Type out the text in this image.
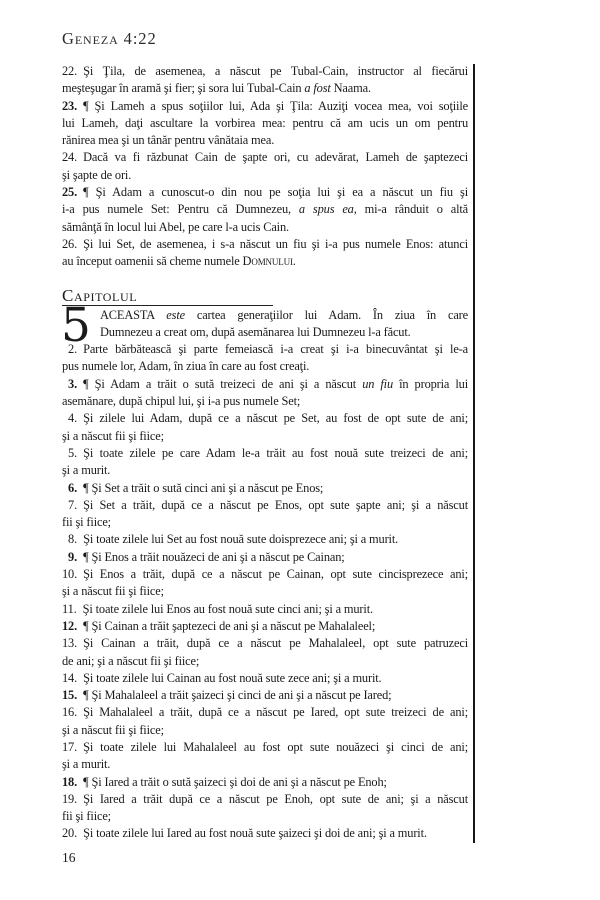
Geneza 4:22
22. Şi Ţila, de asemenea, a născut pe Tubal-Cain, instructor al fiecărui
meşteşugar în aramă şi fier; şi sora lui Tubal-Cain a fost Naama.
23. ¶ Şi Lameh a spus soţiilor lui, Ada şi Ţila: Auziţi vocea mea, voi soţiile
lui Lameh, daţi ascultare la vorbirea mea: pentru că am ucis un om pentru
rănirea mea şi un tânăr pentru vânătaia mea.
24. Dacă va fi răzbunat Cain de şapte ori, cu adevărat, Lameh de şaptezeci
şi şapte de ori.
25. ¶ Şi Adam a cunoscut-o din nou pe soţia lui şi ea a născut un fiu şi
i-a pus numele Set: Pentru că Dumnezeu, a spus ea, mi-a rânduit o altă
sămânţă în locul lui Abel, pe care l-a ucis Cain.
26. Şi lui Set, de asemenea, i s-a născut un fiu şi i-a pus numele Enos: atunci
au început oamenii să cheme numele Domnului.
Capitolul
5 ACEASTA este cartea generaţiilor lui Adam. În ziua în care
Dumnezeu a creat om, după asemănarea lui Dumnezeu l-a făcut.
 2. Parte bărbătească şi parte femeiască i-a creat şi i-a binecuvântat şi le-a
pus numele lor, Adam, în ziua în care au fost creaţi.
 3. ¶ Şi Adam a trăit o sută treizeci de ani şi a născut un fiu în propria lui
asemănare, după chipul lui, şi i-a pus numele Set;
 4. Şi zilele lui Adam, după ce a născut pe Set, au fost de opt sute de ani;
şi a născut fii şi fiice;
 5. Şi toate zilele pe care Adam le-a trăit au fost nouă sute treizeci de ani;
şi a murit.
 6. ¶ Şi Set a trăit o sută cinci ani şi a născut pe Enos;
 7. Şi Set a trăit, după ce a născut pe Enos, opt sute şapte ani; şi a născut
fii şi fiice;
 8. Şi toate zilele lui Set au fost nouă sute doisprezece ani; şi a murit.
 9. ¶ Şi Enos a trăit nouăzeci de ani şi a născut pe Cainan;
10. Şi Enos a trăit, după ce a născut pe Cainan, opt sute cincisprezece ani;
şi a născut fii şi fiice;
11. Şi toate zilele lui Enos au fost nouă sute cinci ani; şi a murit.
12. ¶ Şi Cainan a trăit şaptezeci de ani şi a născut pe Mahalaleel;
13. Şi Cainan a trăit, după ce a născut pe Mahalaleel, opt sute patruzeci
de ani; şi a născut fii şi fiice;
14. Şi toate zilele lui Cainan au fost nouă sute zece ani; şi a murit.
15. ¶ Şi Mahalaleel a trăit şaizeci şi cinci de ani şi a născut pe Iared;
16. Şi Mahalaleel a trăit, după ce a născut pe Iared, opt sute treizeci de ani;
şi a născut fii şi fiice;
17. Şi toate zilele lui Mahalaleel au fost opt sute nouăzeci şi cinci de ani;
şi a murit.
18. ¶ Şi Iared a trăit o sută şaizeci şi doi de ani şi a născut pe Enoh;
19. Şi Iared a trăit după ce a născut pe Enoh, opt sute de ani; şi a născut
fii şi fiice;
20. Şi toate zilele lui Iared au fost nouă sute şaizeci şi doi de ani; şi a murit.
16
